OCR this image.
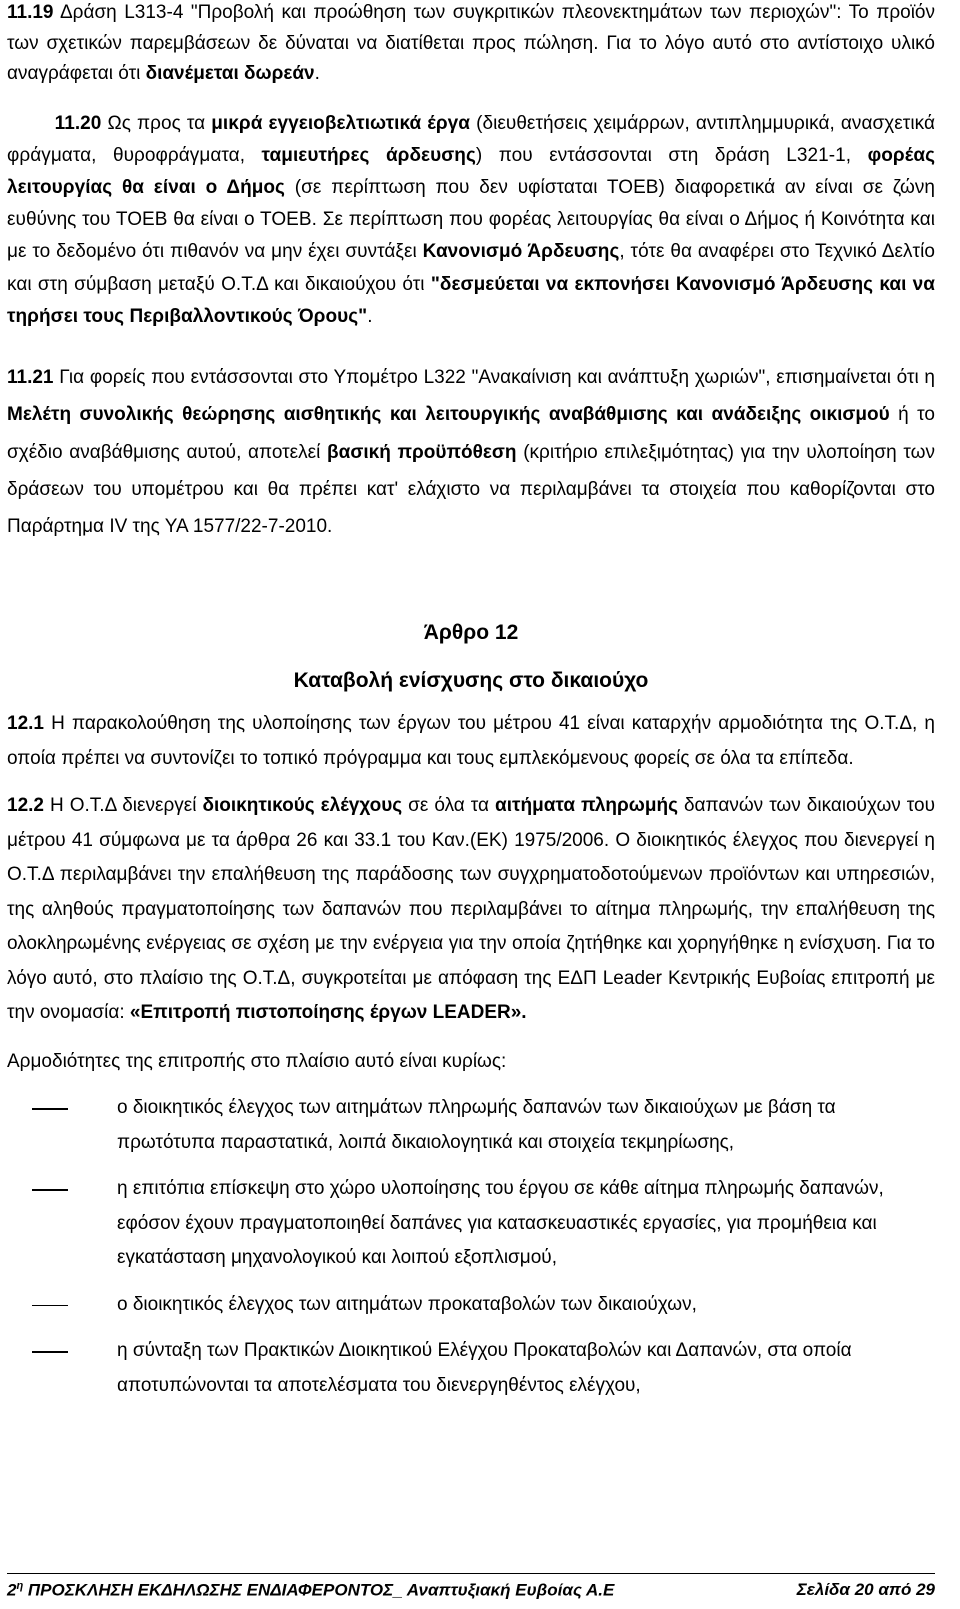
11.19 Δράση L313-4 "Προβολή και προώθηση των συγκριτικών πλεονεκτημάτων των περιοχών": Το προϊόν των σχετικών παρεμβάσεων δε δύναται να διατίθεται προς πώληση. Για το λόγο αυτό στο αντίστοιχο υλικό αναγράφεται ότι διανέμεται δωρεάν.

   11.20 Ως προς τα μικρά εγγειοβελτιωτικά έργα (διευθετήσεις χειμάρρων, αντιπλημμυρικά, ανασχετικά φράγματα, θυροφράγματα, ταμιευτήρες άρδευσης) που εντάσσονται στη δράση L321-1, φορέας λειτουργίας θα είναι ο Δήμος (σε περίπτωση που δεν υφίσταται ΤΟΕΒ) διαφορετικά αν είναι σε ζώνη ευθύνης του ΤΟΕΒ θα είναι ο ΤΟΕΒ. Σε περίπτωση που φορέας λειτουργίας θα είναι ο Δήμος ή Κοινότητα και με το δεδομένο ότι πιθανόν να μην έχει συντάξει Κανονισμό Άρδευσης, τότε θα αναφέρει στο Τεχνικό Δελτίο και στη σύμβαση μεταξύ Ο.Τ.Δ και δικαιούχου ότι "δεσμεύεται να εκπονήσει Κανονισμό Άρδευσης και να τηρήσει τους Περιβαλλοντικούς Όρους".

11.21 Για φορείς που εντάσσονται στο Υπομέτρο L322 "Ανακαίνιση και ανάπτυξη χωριών", επισημαίνεται ότι η Μελέτη συνολικής θεώρησης αισθητικής και λειτουργικής αναβάθμισης και ανάδειξης οικισμού ή το σχέδιο αναβάθμισης αυτού, αποτελεί βασική προϋπόθεση (κριτήριο επιλεξιμότητας) για την υλοποίηση των δράσεων του υπομέτρου και θα πρέπει κατ' ελάχιστο να περιλαμβάνει τα στοιχεία που καθορίζονται στο Παράρτημα IV της ΥΑ 1577/22-7-2010.

Άρθρο 12

Καταβολή ενίσχυσης στο δικαιούχο

12.1 Η παρακολούθηση της υλοποίησης των έργων του μέτρου 41 είναι καταρχήν αρμοδιότητα της Ο.Τ.Δ, η οποία πρέπει να συντονίζει το τοπικό πρόγραμμα και τους εμπλεκόμενους φορείς σε όλα τα επίπεδα.

12.2 Η Ο.Τ.Δ διενεργεί διοικητικούς ελέγχους σε όλα τα αιτήματα πληρωμής δαπανών των δικαιούχων του μέτρου 41 σύμφωνα με τα άρθρα 26 και 33.1 του Καν.(ΕΚ) 1975/2006. Ο διοικητικός έλεγχος που διενεργεί η Ο.Τ.Δ περιλαμβάνει την επαλήθευση της παράδοσης των συγχρηματοδοτούμενων προϊόντων και υπηρεσιών, της αληθούς πραγματοποίησης των δαπανών που περιλαμβάνει το αίτημα πληρωμής, την επαλήθευση της ολοκληρωμένης ενέργειας σε σχέση με την ενέργεια για την οποία ζητήθηκε και χορηγήθηκε η ενίσχυση. Για το λόγο αυτό, στο πλαίσιο της Ο.Τ.Δ, συγκροτείται με απόφαση της ΕΔΠ Leader Κεντρικής Ευβοίας επιτροπή με την ονομασία: «Επιτροπή πιστοποίησης έργων LEADER».

Αρμοδιότητες της επιτροπής στο πλαίσιο αυτό είναι κυρίως:

ο διοικητικός έλεγχος των αιτημάτων πληρωμής δαπανών των δικαιούχων με βάση τα πρωτότυπα παραστατικά, λοιπά δικαιολογητικά και στοιχεία τεκμηρίωσης,
η επιτόπια επίσκεψη στο χώρο υλοποίησης του έργου σε κάθε αίτημα πληρωμής δαπανών, εφόσον έχουν πραγματοποιηθεί δαπάνες για κατασκευαστικές εργασίες, για προμήθεια και εγκατάσταση μηχανολογικού και λοιπού εξοπλισμού,
ο διοικητικός έλεγχος των αιτημάτων προκαταβολών των δικαιούχων,
η σύνταξη των Πρακτικών Διοικητικού Ελέγχου Προκαταβολών και Δαπανών, στα οποία αποτυπώνονται τα αποτελέσματα του διενεργηθέντος ελέγχου,
$2^\eta$ ΠΡΟΣΚΛΗΣΗ ΕΚΔΗΛΩΣΗΣ ΕΝΔΙΑΦΕΡΟΝΤΟΣ_ Αναπτυξιακή Ευβοίας Α.Ε	Σελίδα 20 από 29
